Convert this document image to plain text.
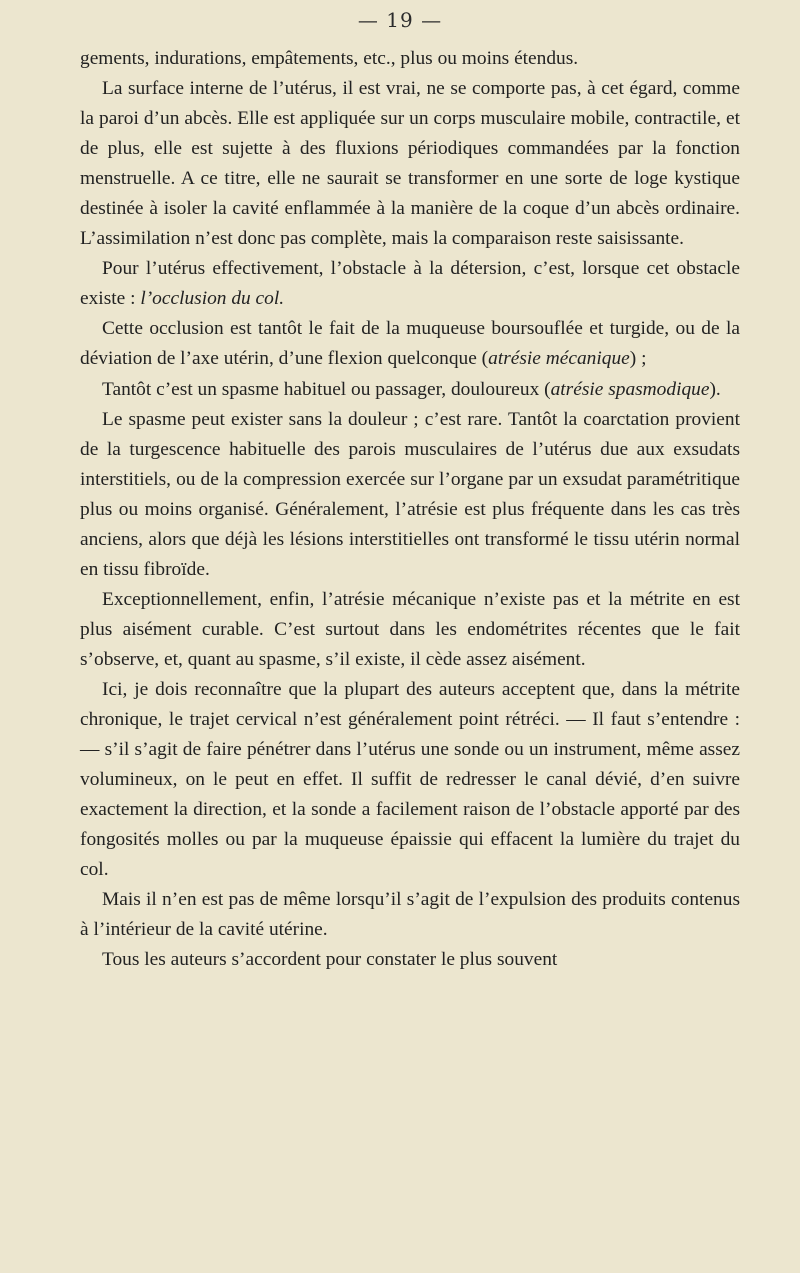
— 19 —

gements, indurations, empâtements, etc., plus ou moins étendus.

La surface interne de l’utérus, il est vrai, ne se comporte pas, à cet égard, comme la paroi d’un abcès. Elle est appliquée sur un corps musculaire mobile, contractile, et de plus, elle est sujette à des fluxions périodiques commandées par la fonction menstruelle. A ce titre, elle ne saurait se transformer en une sorte de loge kystique destinée à isoler la cavité enflammée à la manière de la coque d’un abcès ordinaire. L’assimilation n’est donc pas complète, mais la comparaison reste saisissante.

Pour l’utérus effectivement, l’obstacle à la détersion, c’est, lorsque cet obstacle existe : l’occlusion du col.

Cette occlusion est tantôt le fait de la muqueuse boursouflée et turgide, ou de la déviation de l’axe utérin, d’une flexion quelconque (atrésie mécanique) ;

Tantôt c’est un spasme habituel ou passager, douloureux (atrésie spasmodique).

Le spasme peut exister sans la douleur ; c’est rare. Tantôt la coarctation provient de la turgescence habituelle des parois musculaires de l’utérus due aux exsudats interstitiels, ou de la compression exercée sur l’organe par un exsudat paramétritique plus ou moins organisé. Généralement, l’atrésie est plus fréquente dans les cas très anciens, alors que déjà les lésions interstitielles ont transformé le tissu utérin normal en tissu fibroïde.

Exceptionnellement, enfin, l’atrésie mécanique n’existe pas et la métrite en est plus aisément curable. C’est surtout dans les endométrites récentes que le fait s’observe, et, quant au spasme, s’il existe, il cède assez aisément.

Ici, je dois reconnaître que la plupart des auteurs acceptent que, dans la métrite chronique, le trajet cervical n’est généralement point rétréci. — Il faut s’entendre : — s’il s’agit de faire pénétrer dans l’utérus une sonde ou un instrument, même assez volumineux, on le peut en effet. Il suffit de redresser le canal dévié, d’en suivre exactement la direction, et la sonde a facilement raison de l’obstacle apporté par des fongosités molles ou par la muqueuse épaissie qui effacent la lumière du trajet du col.

Mais il n’en est pas de même lorsqu’il s’agit de l’expulsion des produits contenus à l’intérieur de la cavité utérine.

Tous les auteurs s’accordent pour constater le plus souvent
